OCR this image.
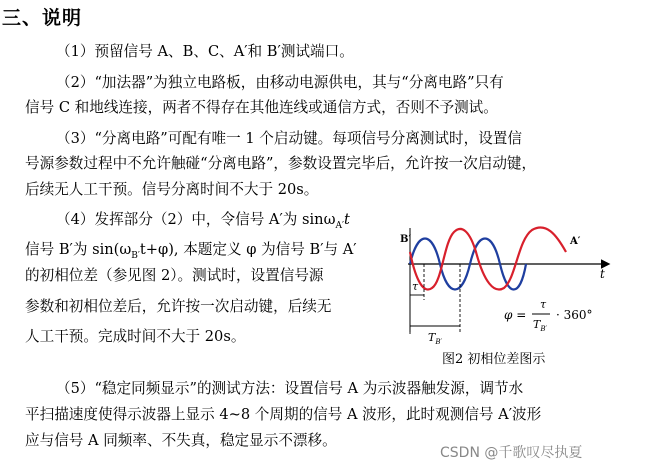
三、说明
（1）预留信号 A、B、C、A′和 B′测试端口。
（2）“加法器”为独立电路板，由移动电源供电，其与“分离电路”只有
信号 C 和地线连接，两者不得存在其他连线或通信方式，否则不予测试。
（3）“分离电路”可配有唯一 1 个启动键。每项信号分离测试时，设置信
号源参数过程中不允许触碰“分离电路”，参数设置完毕后，允许按一次启动键，
后续无人工干预。信号分离时间不大于 20s。
（4）发挥部分（2）中，令信号 A′为 sinω$_{A'}$t
信号 B′为 $\sin(\omega_{B'}t+\varphi)$, 本题定义 φ 为信号 B′与 A′
的初相位差（参见图 2）。测试时，设置信号源
参数和初相位差后，允许按一次启动键，后续无
人工干预。完成时间不大于 20s。
（5）“稳定同频显示”的测试方法：设置信号 A 为示波器触发源，调节水
平扫描速度使得示波器上显示 4~8 个周期的信号 A 波形，此时观测信号 A′波形
应与信号 A 同频率、不失真，稳定显示不漂移。
B′	A′
t
τ
$T_{B'}$
φ =
τ
$T_{B'}$
· 360°
图2 初相位差图示
CSDN @千歌叹尽执夏
